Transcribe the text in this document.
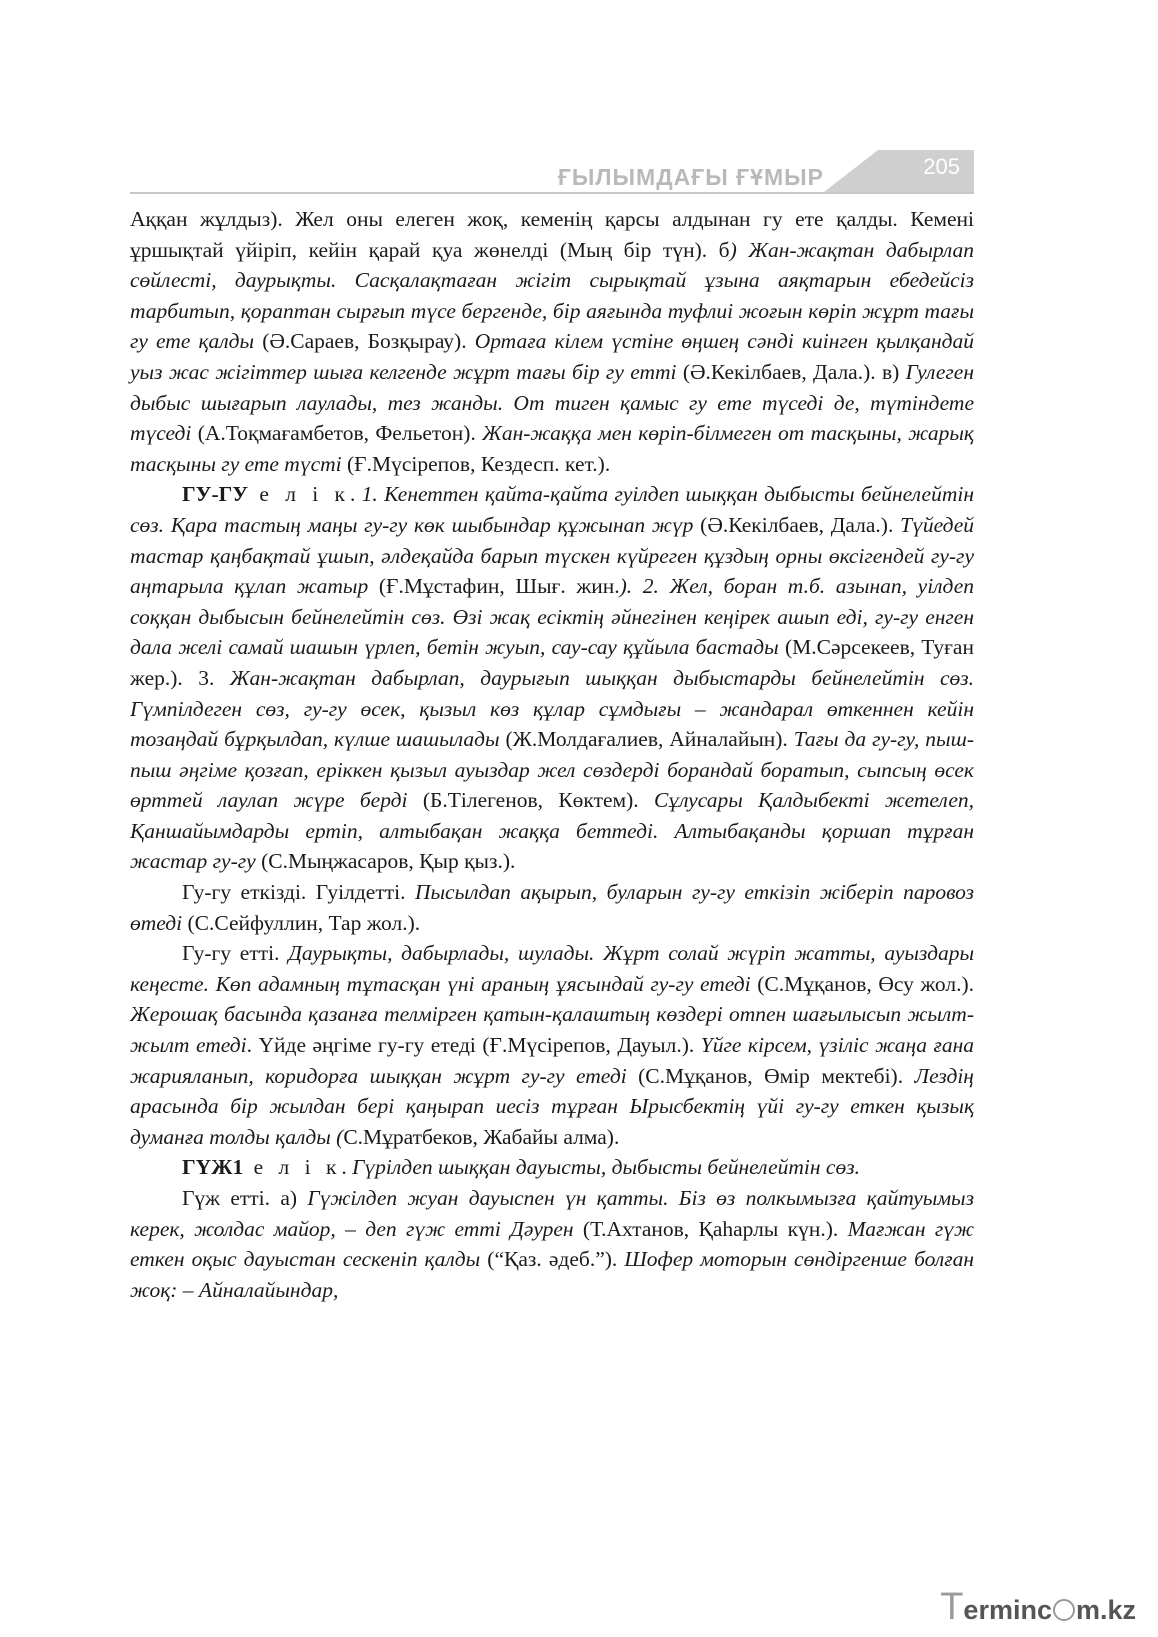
ҒЫЛЫМДАҒЫ ҒҰМЫР	205

Аққан жұлдыз). Жел оны елеген жоқ, кеменің қарсы алдынан гу ете қалды. Кемені ұршықтай үйіріп, кейін қарай қуа жөнелді (Мың бір түн). б) Жан-жақтан дабырлап сөйлесті, даурықты. Сасқалақтаған жігіт сырықтай ұзына аяқтарын ебедейсіз тарбитып, қораптан сырғып түсе бергенде, бір аяғында туфлиі жоғын көріп жұрт тағы гу ете қалды (Ә.Сараев, Бозқырау). Ортаға кілем үстіне өңшең сәнді киінген қылқандай уыз жас жігіттер шыға келгенде жұрт тағы бір гу етті (Ә.Кекілбаев, Дала.). в) Гулеген дыбыс шығарып лаулады, тез жанды. От тиген қамыс гу ете түседі де, түтіндете түседі (А.Тоқмағамбетов, Фельетон). Жан-жаққа мен көріп-білмеген от тасқыны, жарық тасқыны гу ете түсті (Ғ.Мүсірепов, Кездесп. кет.).

ГУ-ГУ е л і к. 1. Кенеттен қайта-қайта гуілдеп шыққан дыбысты бейнелейтін сөз. Қара тастың маңы гу-гу көк шыбындар құжынап жүр (Ә.Кекілбаев, Дала.). Түйедей тастар қаңбақтай ұшып, әлдеқайда барып түскен күйреген құздың орны өксігендей гу-гу аңтарыла құлап жатыр (Ғ.Мұстафин, Шығ. жин.). 2. Жел, боран т.б. азынап, уілдеп соққан дыбысын бейнелейтін сөз. Өзі жақ есіктің әйнегінен кеңірек ашып еді, гу-гу енген дала желі самай шашын үрлеп, бетін жуып, сау-сау құйыла бастады (М.Сәрсекеев, Туған жер.). 3. Жан-жақтан дабырлап, даурығып шыққан дыбыстарды бейнелейтін сөз. Гүмпілдеген сөз, гу-гу өсек, қызыл көз құлар сұмдығы – жандарал өткеннен кейін тозаңдай бұрқылдап, күлше шашылады (Ж.Молдағалиев, Айналайын). Тағы да гу-гу, пыш-пыш әңгіме қозғап, еріккен қызыл ауыздар жел сөздерді борандай боратып, сыпсың өсек өрттей лаулап жүре берді (Б.Тілегенов, Көктем). Сұлусары Қалдыбекті жетелеп, Қаншайымдарды ертіп, алтыбақан жаққа беттеді. Алтыбақанды қоршап тұрған жастар гу-гу (С.Мыңжасаров, Қыр қыз.).

Гу-гу еткізді. Гуілдетті. Пысылдап ақырып, буларын гу-гу еткізіп жіберіп паровоз өтеді (С.Сейфуллин, Тар жол.).

Гу-гу етті. Даурықты, дабырлады, шулады. Жұрт солай жүріп жатты, ауыздары кеңесте. Көп адамның тұтасқан үні араның ұясындай гу-гу етеді (С.Мұқанов, Өсу жол.). Жерошақ басында қазанға телмірген қатын-қалаштың көздері отпен шағылысып жылт-жылт етеді. Үйде әңгіме гу-гу етеді (Ғ.Мүсірепов, Дауыл.). Үйге кірсем, үзіліс жаңа ғана жарияланып, коридорға шыққан жұрт гу-гу етеді (С.Мұқанов, Өмір мектебі). Лездің арасында бір жылдан бері қаңырап иесіз тұрған Ырысбектің үйі гу-гу еткен қызық думанға толды қалды (С.Мұратбеков, Жабайы алма).

ГҮЖ1 е л і к. Гүрілдеп шыққан дауысты, дыбысты бейнелейтін сөз.

Гүж етті. а) Гүжілдеп жуан дауыспен үн қатты. Біз өз полкымызға қайтуымыз керек, жолдас майор, – деп гүж етті Дәурен (Т.Ахтанов, Қаһарлы күн.). Мағжан гүж еткен оқыс дауыстан сескеніп қалды (“Қаз. әдеб.”). Шофер моторын сөндіргенше болған жоқ: – Айналайындар,

Terminc m.kz
